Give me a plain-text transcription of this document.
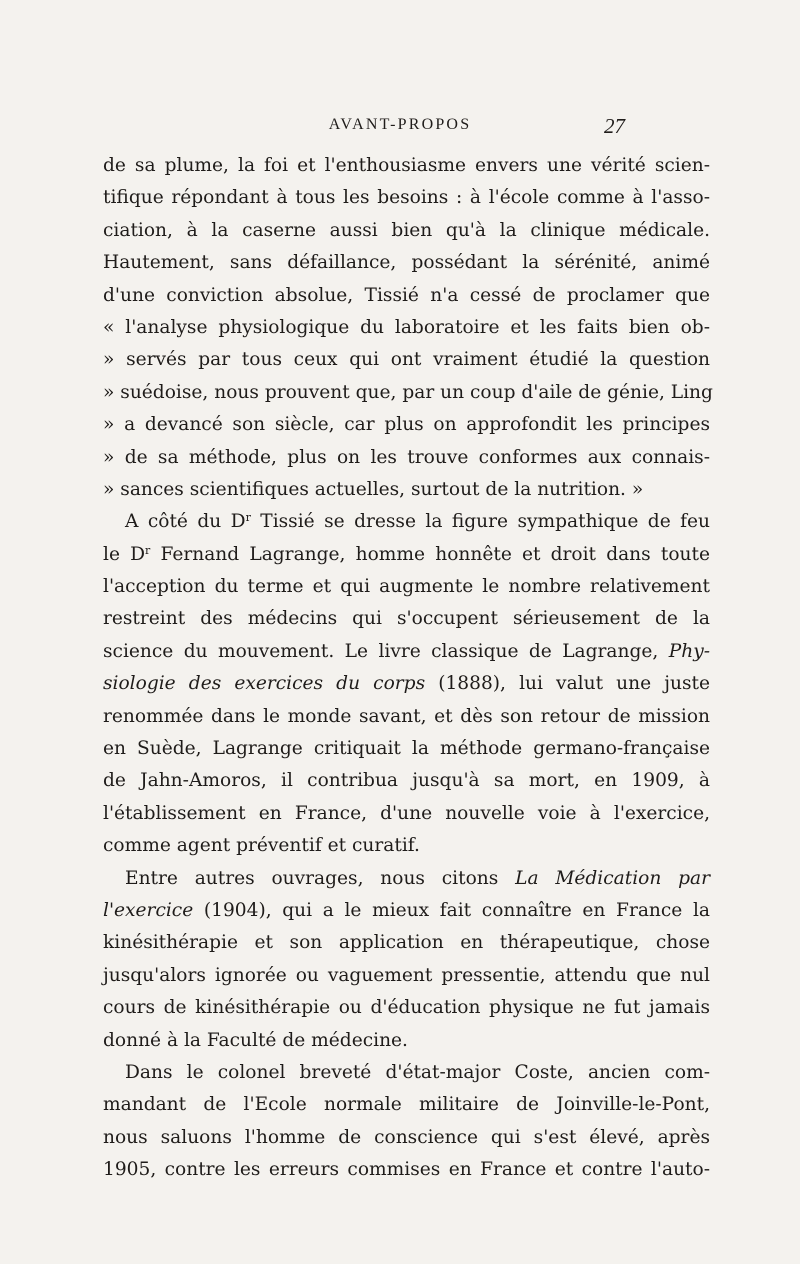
AVANT-PROPOS	27
de sa plume, la foi et l'enthousiasme envers une vérité scien-
tifique répondant à tous les besoins : à l'école comme à l'asso-
ciation, à la caserne aussi bien qu'à la clinique médicale.
Hautement, sans défaillance, possédant la sérénité, animé
d'une conviction absolue, Tissié n'a cessé de proclamer que
« l'analyse physiologique du laboratoire et les faits bien ob-
» servés par tous ceux qui ont vraiment étudié la question
» suédoise, nous prouvent que, par un coup d'aile de génie, Ling
» a devancé son siècle, car plus on approfondit les principes
» de sa méthode, plus on les trouve conformes aux connais-
» sances scientifiques actuelles, surtout de la nutrition. »
A côté du $D^r$ Tissié se dresse la figure sympathique de feu
le $D^r$ Fernand Lagrange, homme honnête et droit dans toute
l'acception du terme et qui augmente le nombre relativement
restreint des médecins qui s'occupent sérieusement de la
science du mouvement. Le livre classique de Lagrange, Phy-
siologie des exercices du corps (1888), lui valut une juste
renommée dans le monde savant, et dès son retour de mission
en Suède, Lagrange critiquait la méthode germano-française
de Jahn-Amoros, il contribua jusqu'à sa mort, en 1909, à
l'établissement en France, d'une nouvelle voie à l'exercice,
comme agent préventif et curatif.
Entre autres ouvrages, nous citons La Médication par
l'exercice (1904), qui a le mieux fait connaître en France la
kinésithérapie et son application en thérapeutique, chose
jusqu'alors ignorée ou vaguement pressentie, attendu que nul
cours de kinésithérapie ou d'éducation physique ne fut jamais
donné à la Faculté de médecine.
Dans le colonel breveté d'état-major Coste, ancien com-
mandant de l'Ecole normale militaire de Joinville-le-Pont,
nous saluons l'homme de conscience qui s'est élevé, après
1905, contre les erreurs commises en France et contre l'auto-
